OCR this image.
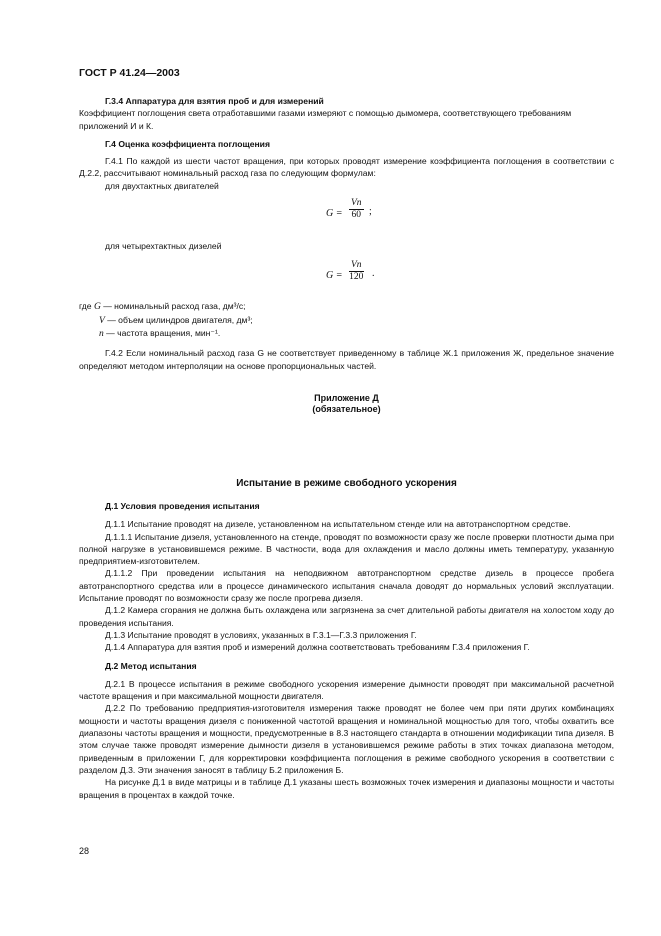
ГОСТ Р 41.24—2003
Г.3.4 Аппаратура для взятия проб и для измерений
Коэффициент поглощения света отработавшими газами измеряют с помощью дымомера, соответствующего требованиям приложений И и К.
Г.4 Оценка коэффициента поглощения
Г.4.1 По каждой из шести частот вращения, при которых проводят измерение коэффициента поглощения в соответствии с Д.2.2, рассчитывают номинальный расход газа по следующим формулам:
для двухтактных двигателей
$G = \frac{Vn}{60}$ ;
для четырехтактных дизелей
$G = \frac{Vn}{120}$ .
где G — номинальный расход газа, дм³/с;
V — объем цилиндров двигателя, дм³;
n — частота вращения, мин⁻¹.
Г.4.2 Если номинальный расход газа G не соответствует приведенному в таблице Ж.1 приложения Ж, предельное значение определяют методом интерполяции на основе пропорциональных частей.
Приложение Д
(обязательное)
Испытание в режиме свободного ускорения
Д.1 Условия проведения испытания
Д.1.1 Испытание проводят на дизеле, установленном на испытательном стенде или на автотранспортном средстве.
Д.1.1.1 Испытание дизеля, установленного на стенде, проводят по возможности сразу же после проверки плотности дыма при полной нагрузке в установившемся режиме. В частности, вода для охлаждения и масло должны иметь температуру, указанную предприятием-изготовителем.
Д.1.1.2 При проведении испытания на неподвижном автотранспортном средстве дизель в процессе пробега автотранспортного средства или в процессе динамического испытания сначала доводят до нормальных условий эксплуатации. Испытание проводят по возможности сразу же после прогрева дизеля.
Д.1.2 Камера сгорания не должна быть охлаждена или загрязнена за счет длительной работы двигателя на холостом ходу до проведения испытания.
Д.1.3 Испытание проводят в условиях, указанных в Г.3.1—Г.3.3 приложения Г.
Д.1.4 Аппаратура для взятия проб и измерений должна соответствовать требованиям Г.3.4 приложения Г.
Д.2 Метод испытания
Д.2.1 В процессе испытания в режиме свободного ускорения измерение дымности проводят при максимальной расчетной частоте вращения и при максимальной мощности двигателя.
Д.2.2 По требованию предприятия-изготовителя измерения также проводят не более чем при пяти других комбинациях мощности и частоты вращения дизеля с пониженной частотой вращения и номинальной мощностью для того, чтобы охватить все диапазоны частоты вращения и мощности, предусмотренные в 8.3 настоящего стандарта в отношении модификации типа дизеля. В этом случае также проводят измерение дымности дизеля в установившемся режиме работы в этих точках диапазона методом, приведенным в приложении Г, для корректировки коэффициента поглощения в режиме свободного ускорения в соответствии с разделом Д.3. Эти значения заносят в таблицу Б.2 приложения Б.
На рисунке Д.1 в виде матрицы и в таблице Д.1 указаны шесть возможных точек измерения и диапазоны мощности и частоты вращения в процентах в каждой точке.
28
